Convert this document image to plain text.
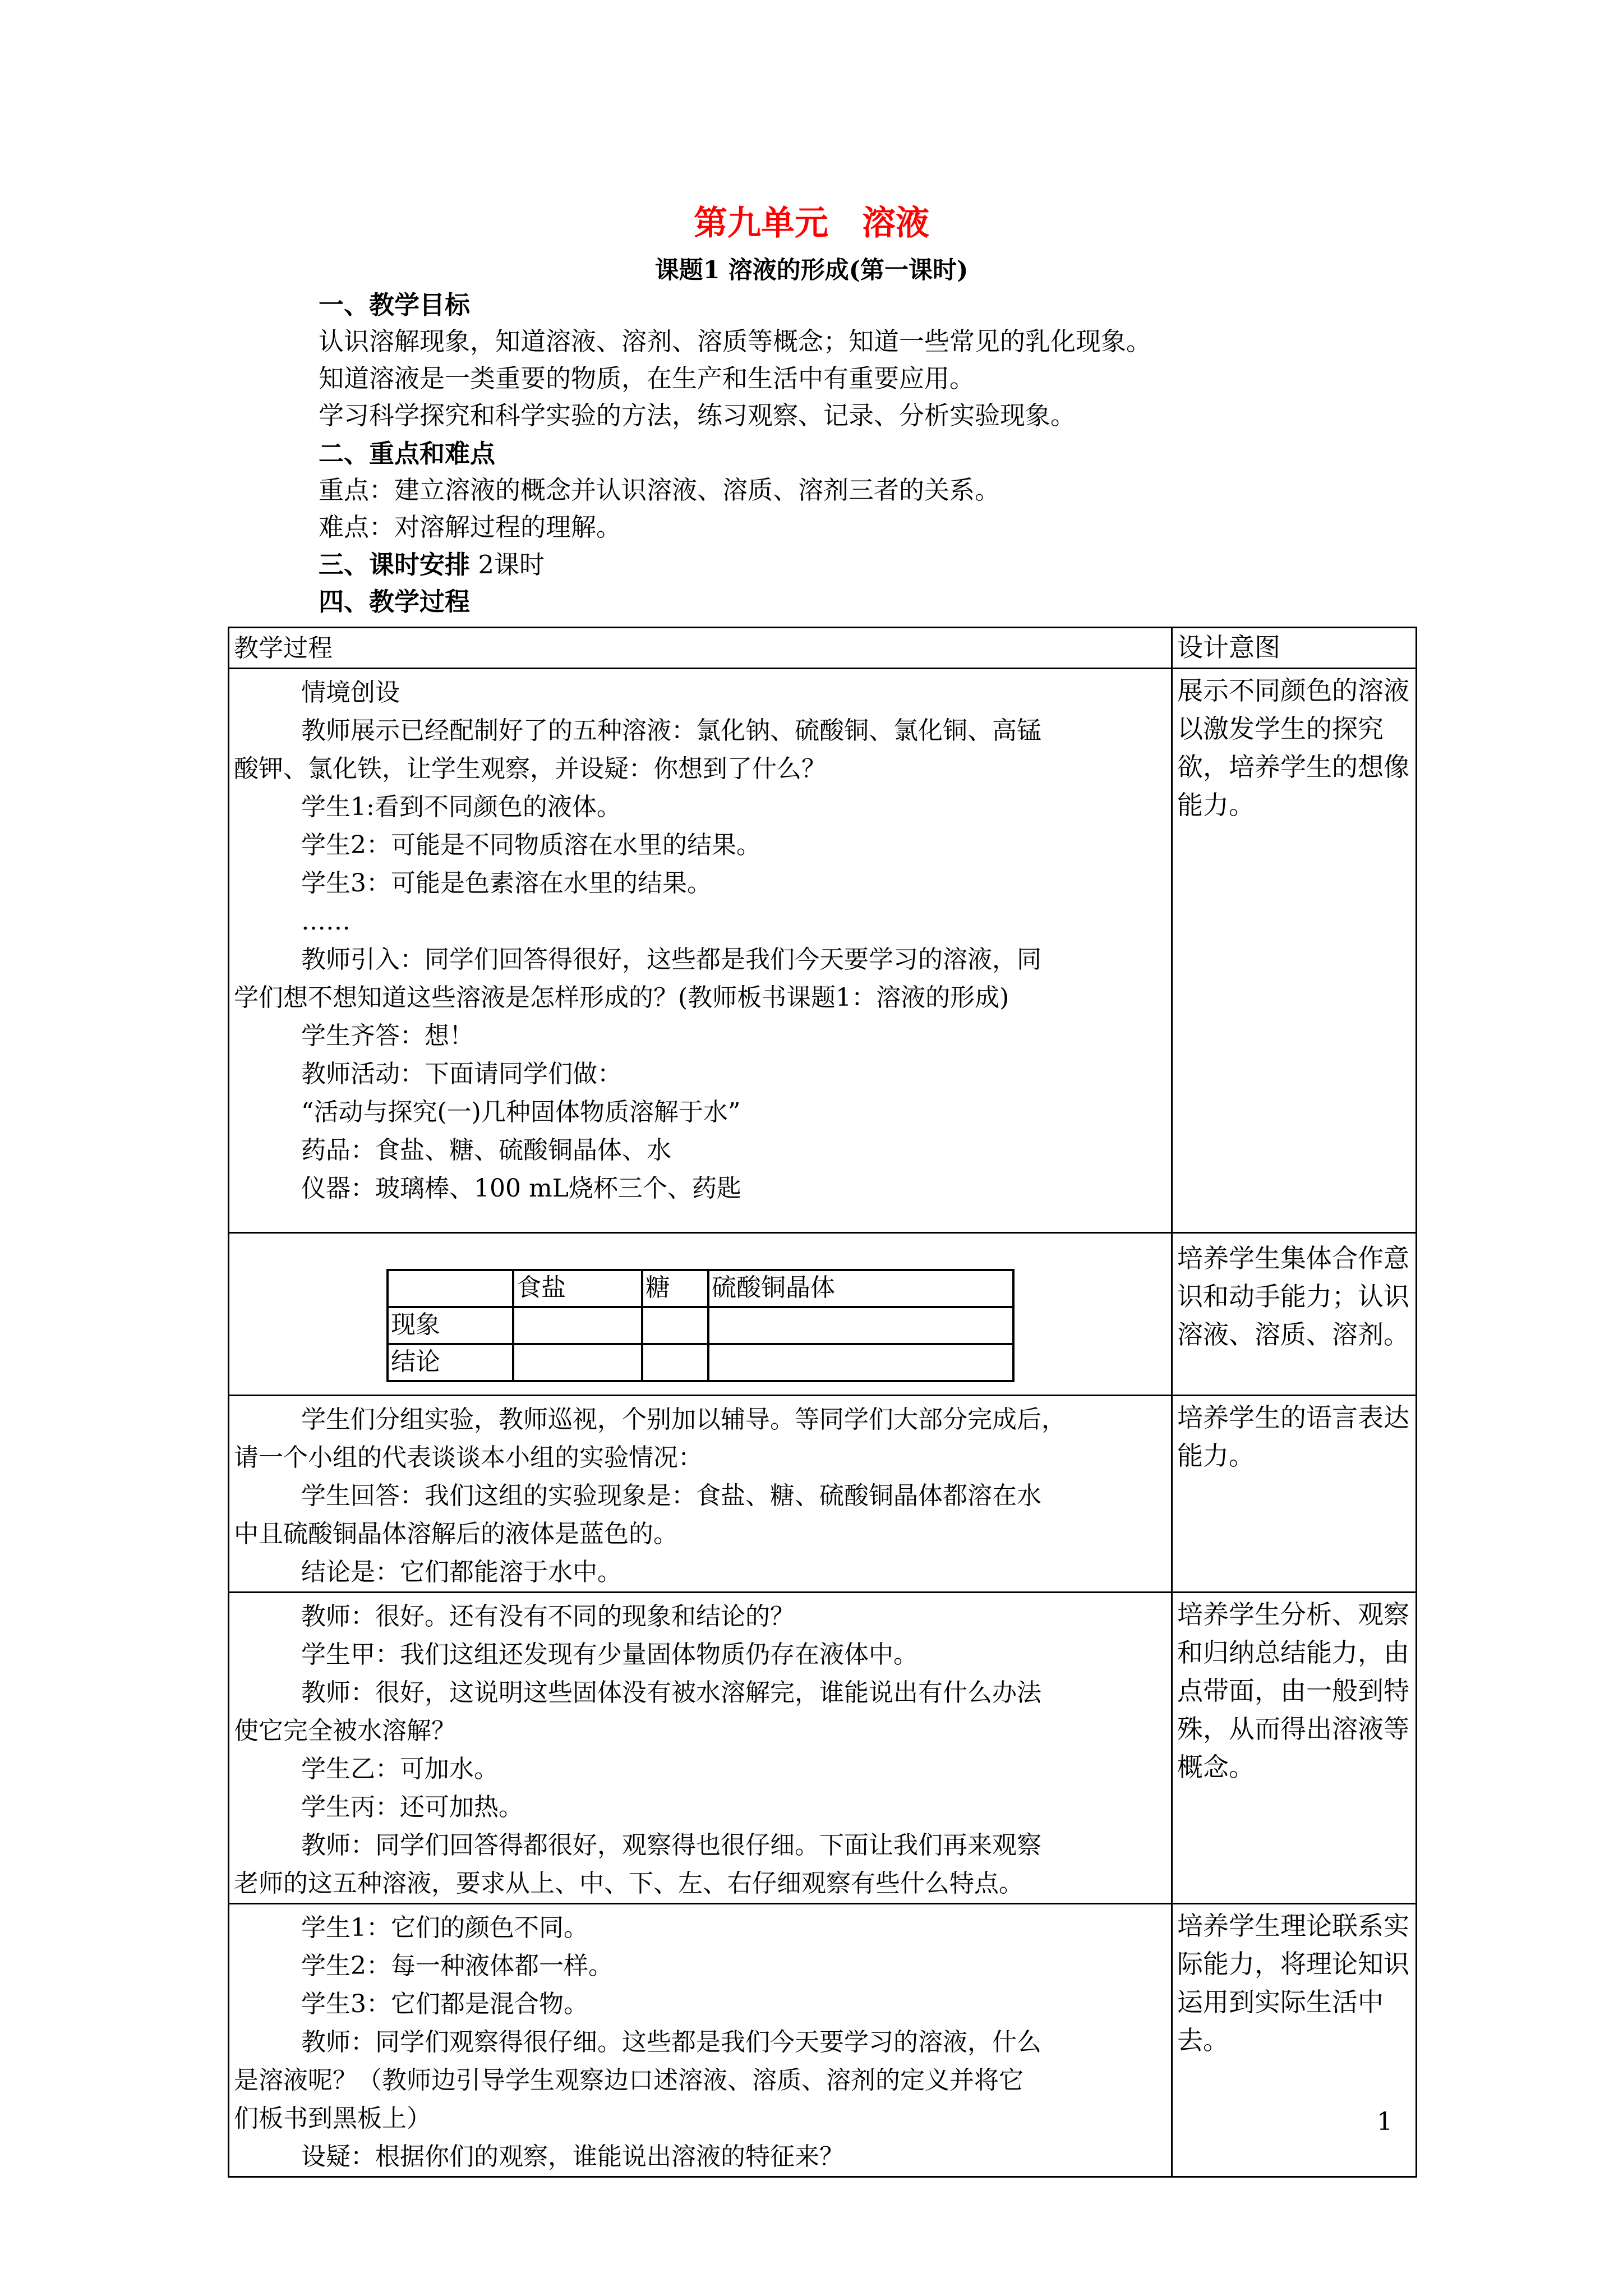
第九单元　溶液
课题1 溶液的形成(第一课时)
一、教学目标
认识溶解现象，知道溶液、溶剂、溶质等概念；知道一些常见的乳化现象。
知道溶液是一类重要的物质，在生产和生活中有重要应用。
学习科学探究和科学实验的方法，练习观察、记录、分析实验现象。
二、重点和难点
重点：建立溶液的概念并认识溶液、溶质、溶剂三者的关系。
难点：对溶解过程的理解。
三、课时安排 2课时
四、教学过程
教学过程	设计意图

情境创设
教师展示已经配制好了的五种溶液：氯化钠、硫酸铜、氯化铜、高锰
酸钾、氯化铁，让学生观察，并设疑：你想到了什么？
学生1:看到不同颜色的液体。
学生2：可能是不同物质溶在水里的结果。
学生3：可能是色素溶在水里的结果。
……
教师引入：同学们回答得很好，这些都是我们今天要学习的溶液，同
学们想不想知道这些溶液是怎样形成的？(教师板书课题1：溶液的形成)
学生齐答：想！
教师活动：下面请同学们做：
“活动与探究(一)几种固体物质溶解于水”
药品：食盐、糖、硫酸铜晶体、水
仪器：玻璃棒、100 mL烧杯三个、药匙

展示不同颜色的溶液以激发学生的探究欲，培养学生的想像能力。

	食盐	糖	硫酸铜晶体
现象			
结论			

培养学生集体合作意识和动手能力；认识溶液、溶质、溶剂。

学生们分组实验，教师巡视，个别加以辅导。等同学们大部分完成后，
请一个小组的代表谈谈本小组的实验情况：
学生回答：我们这组的实验现象是：食盐、糖、硫酸铜晶体都溶在水
中且硫酸铜晶体溶解后的液体是蓝色的。
结论是：它们都能溶于水中。

培养学生的语言表达能力。

教师：很好。还有没有不同的现象和结论的？
学生甲：我们这组还发现有少量固体物质仍存在液体中。
教师：很好，这说明这些固体没有被水溶解完，谁能说出有什么办法
使它完全被水溶解？
学生乙：可加水。
学生丙：还可加热。
教师：同学们回答得都很好，观察得也很仔细。下面让我们再来观察
老师的这五种溶液，要求从上、中、下、左、右仔细观察有些什么特点。

培养学生分析、观察和归纳总结能力，由点带面，由一般到特殊，从而得出溶液等概念。

学生1：它们的颜色不同。
学生2：每一种液体都一样。
学生3：它们都是混合物。
教师：同学们观察得很仔细。这些都是我们今天要学习的溶液，什么
是溶液呢？（教师边引导学生观察边口述溶液、溶质、溶剂的定义并将它
们板书到黑板上）
设疑：根据你们的观察，谁能说出溶液的特征来？

培养学生理论联系实际能力，将理论知识运用到实际生活中去。
1
